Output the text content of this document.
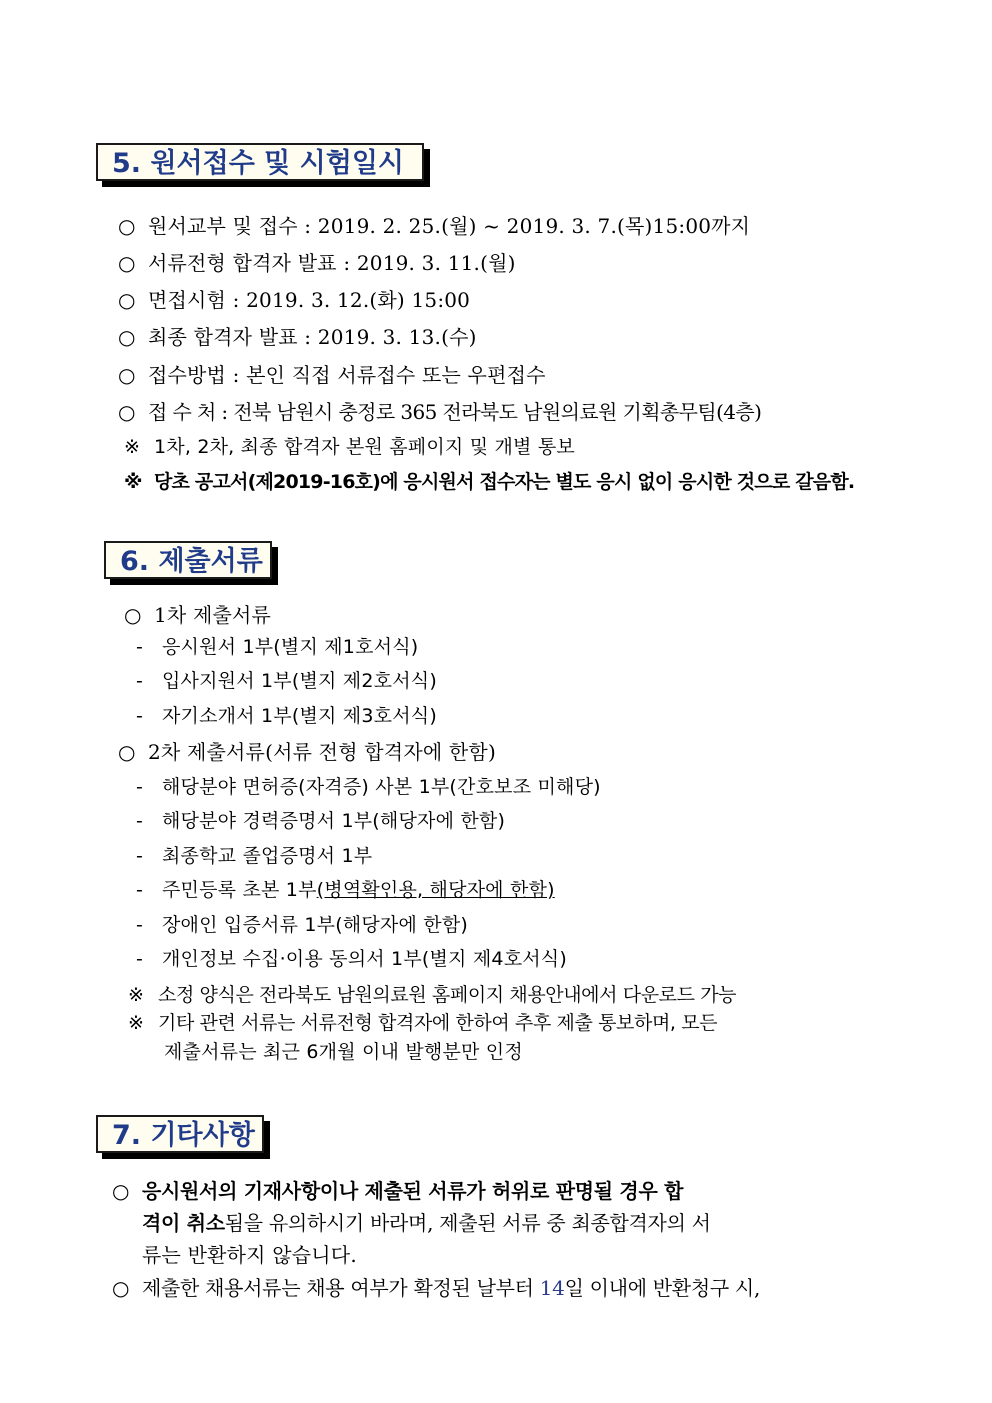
5. 원서접수 및 시험일시
○ 원서교부 및 접수 : 2019. 2. 25.(월) ~ 2019. 3. 7.(목)15:00까지
○ 서류전형 합격자 발표 : 2019. 3. 11.(월)
○ 면접시험 : 2019. 3. 12.(화) 15:00
○ 최종 합격자 발표 : 2019. 3. 13.(수)
○ 접수방법 : 본인 직접 서류접수 또는 우편접수
○ 접 수 처 : 전북 남원시 충정로 365 전라북도 남원의료원 기획총무팀(4층)
※ 1차, 2차, 최종 합격자 본원 홈페이지 및 개별 통보
※ 당초 공고서(제2019-16호)에 응시원서 접수자는 별도 응시 없이 응시한 것으로 갈음함.
6. 제출서류
○ 1차 제출서류
- 응시원서 1부(별지 제1호서식)
- 입사지원서 1부(별지 제2호서식)
- 자기소개서 1부(별지 제3호서식)
○ 2차 제출서류(서류 전형 합격자에 한함)
- 해당분야 면허증(자격증) 사본 1부(간호보조 미해당)
- 해당분야 경력증명서 1부(해당자에 한함)
- 최종학교 졸업증명서 1부
- 주민등록 초본 1부(병역확인용, 해당자에 한함)
- 장애인 입증서류 1부(해당자에 한함)
- 개인정보 수집·이용 동의서 1부(별지 제4호서식)
※ 소정 양식은 전라북도 남원의료원 홈페이지 채용안내에서 다운로드 가능
※ 기타 관련 서류는 서류전형 합격자에 한하여 추후 제출 통보하며, 모든
제출서류는 최근 6개월 이내 발행분만 인정
7. 기타사항
○ 응시원서의 기재사항이나 제출된 서류가 허위로 판명될 경우 합
격이 취소됨을 유의하시기 바라며, 제출된 서류 중 최종합격자의 서
류는 반환하지 않습니다.
○ 제출한 채용서류는 채용 여부가 확정된 날부터 14일 이내에 반환청구 시,
